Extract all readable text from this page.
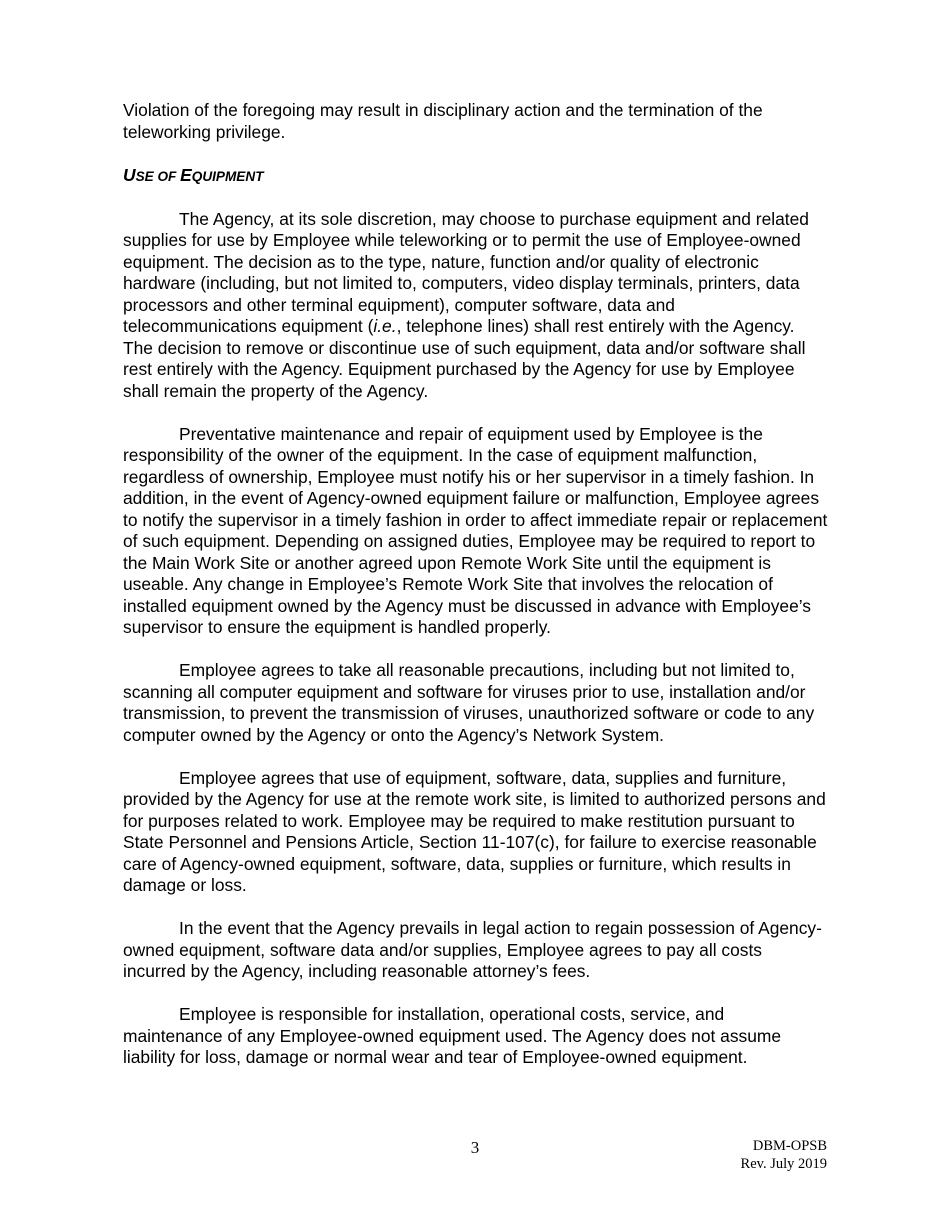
Violation of the foregoing may result in disciplinary action and the termination of the teleworking privilege.

USE OF EQUIPMENT

The Agency, at its sole discretion, may choose to purchase equipment and related supplies for use by Employee while teleworking or to permit the use of Employee-owned equipment. The decision as to the type, nature, function and/or quality of electronic hardware (including, but not limited to, computers, video display terminals, printers, data processors and other terminal equipment), computer software, data and telecommunications equipment (i.e., telephone lines) shall rest entirely with the Agency. The decision to remove or discontinue use of such equipment, data and/or software shall rest entirely with the Agency. Equipment purchased by the Agency for use by Employee shall remain the property of the Agency.

Preventative maintenance and repair of equipment used by Employee is the responsibility of the owner of the equipment. In the case of equipment malfunction, regardless of ownership, Employee must notify his or her supervisor in a timely fashion. In addition, in the event of Agency-owned equipment failure or malfunction, Employee agrees to notify the supervisor in a timely fashion in order to affect immediate repair or replacement of such equipment. Depending on assigned duties, Employee may be required to report to the Main Work Site or another agreed upon Remote Work Site until the equipment is useable. Any change in Employee’s Remote Work Site that involves the relocation of installed equipment owned by the Agency must be discussed in advance with Employee’s supervisor to ensure the equipment is handled properly.

Employee agrees to take all reasonable precautions, including but not limited to, scanning all computer equipment and software for viruses prior to use, installation and/or transmission, to prevent the transmission of viruses, unauthorized software or code to any computer owned by the Agency or onto the Agency’s Network System.

Employee agrees that use of equipment, software, data, supplies and furniture, provided by the Agency for use at the remote work site, is limited to authorized persons and for purposes related to work. Employee may be required to make restitution pursuant to State Personnel and Pensions Article, Section 11-107(c), for failure to exercise reasonable care of Agency-owned equipment, software, data, supplies or furniture, which results in damage or loss.

In the event that the Agency prevails in legal action to regain possession of Agency-owned equipment, software data and/or supplies, Employee agrees to pay all costs incurred by the Agency, including reasonable attorney’s fees.

Employee is responsible for installation, operational costs, service, and maintenance of any Employee-owned equipment used. The Agency does not assume liability for loss, damage or normal wear and tear of Employee-owned equipment.

3	DBM-OPSB
Rev. July 2019
